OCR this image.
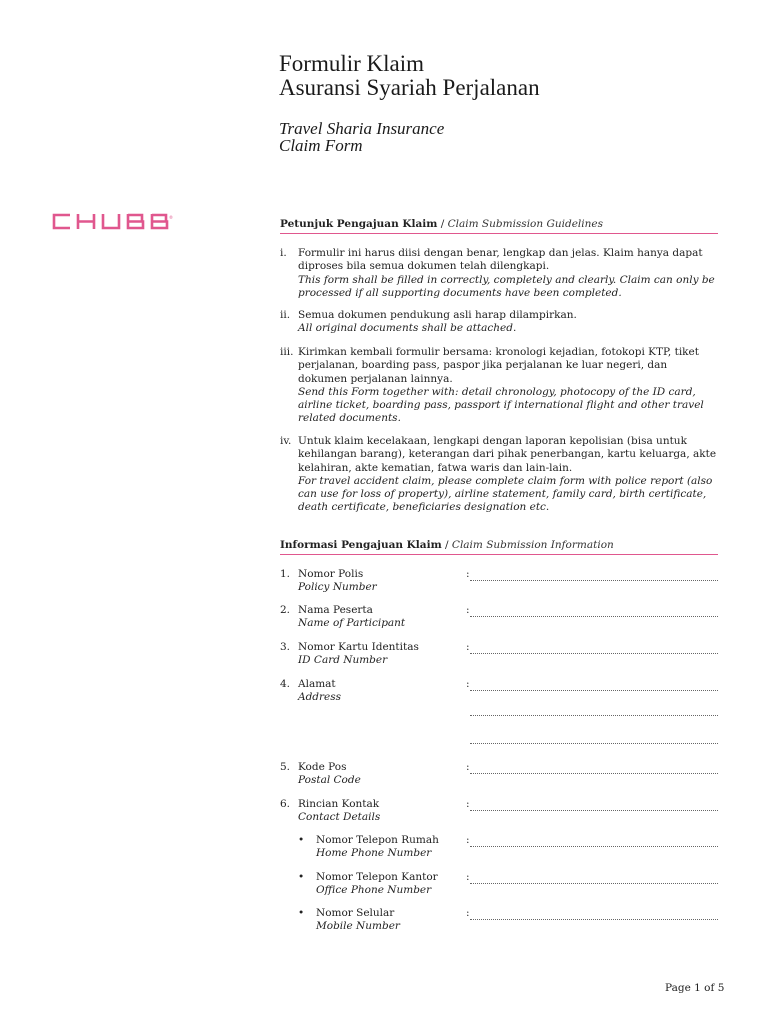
Formulir Klaim
Asuransi Syariah Perjalanan
Travel Sharia Insurance
Claim Form
®
Petunjuk Pengajuan Klaim / Claim Submission Guidelines
i.	Formulir ini harus diisi dengan benar, lengkap dan jelas. Klaim hanya dapat diproses bila semua dokumen telah dilengkapi.
This form shall be filled in correctly, completely and clearly. Claim can only be processed if all supporting documents have been completed.
ii. Semua dokumen pendukung asli harap dilampirkan.
All original documents shall be attached.
iii. Kirimkan kembali formulir bersama: kronologi kejadian, fotokopi KTP, tiket perjalanan, boarding pass, paspor jika perjalanan ke luar negeri, dan dokumen perjalanan lainnya.
Send this Form together with: detail chronology, photocopy of the ID card, airline ticket, boarding pass, passport if international flight and other travel related documents.
iv. Untuk klaim kecelakaan, lengkapi dengan laporan kepolisian (bisa untuk kehilangan barang), keterangan dari pihak penerbangan, kartu keluarga, akte kelahiran, akte kematian, fatwa waris dan lain-lain.
For travel accident claim, please complete claim form with police report (also can use for loss of property), airline statement, family card, birth certificate, death certificate, beneficiaries designation etc.
Informasi Pengajuan Klaim / Claim Submission Information
1. Nomor Polis
Policy Number
:
2. Nama Peserta
Name of Participant
:
3. Nomor Kartu Identitas
ID Card Number
:
4. Alamat
Address
:
5. Kode Pos
Postal Code
:
6. Rincian Kontak
Contact Details
:
• Nomor Telepon Rumah
Home Phone Number
:
• Nomor Telepon Kantor
Office Phone Number
:
• Nomor Selular
Mobile Number
:
Page 1 of 5
